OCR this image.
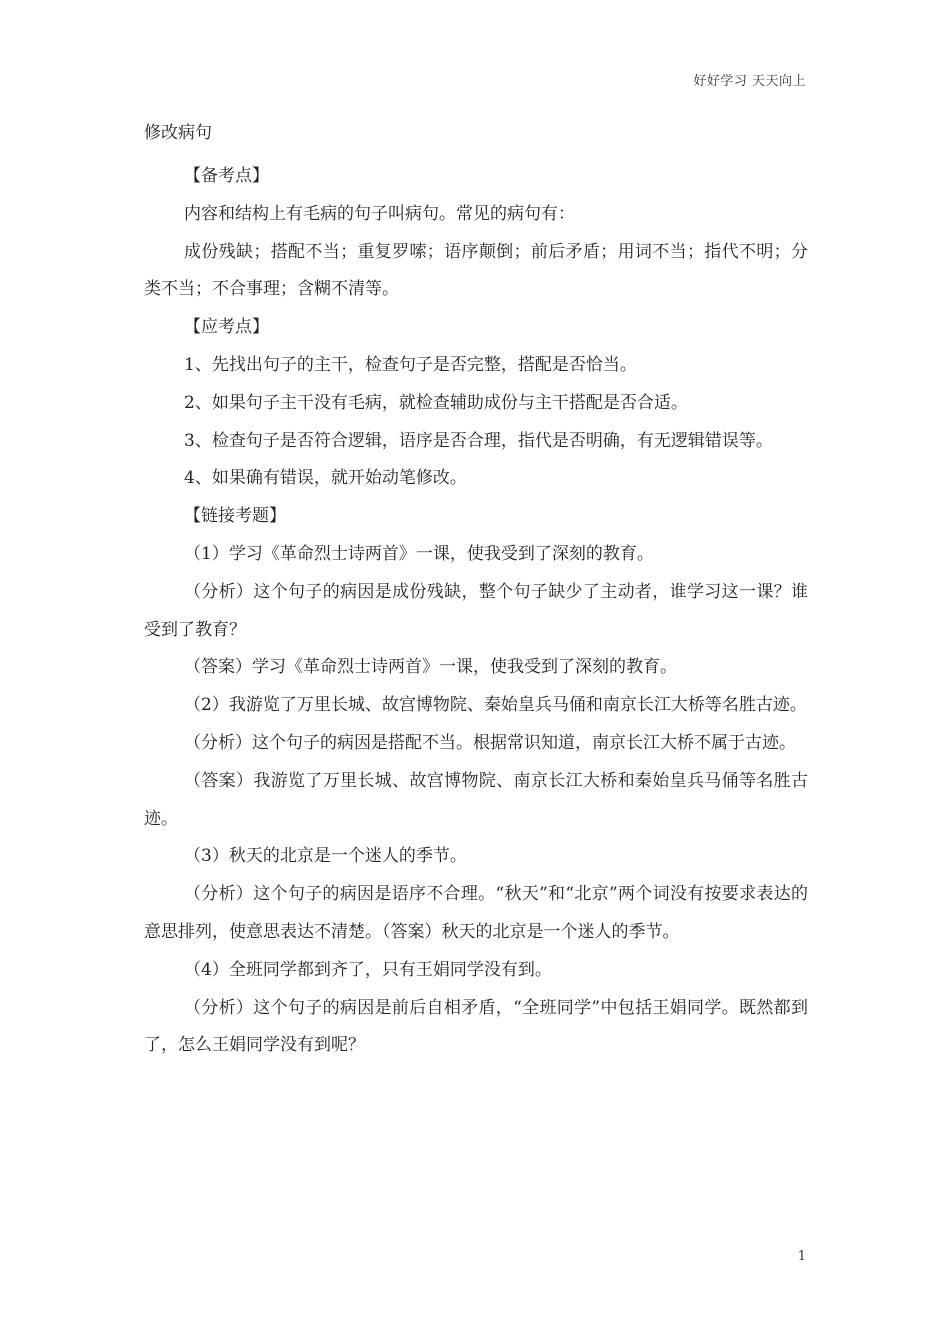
好好学习 天天向上
修改病句

【备考点】

内容和结构上有毛病的句子叫病句。常见的病句有：

成份残缺；搭配不当；重复罗嗦；语序颠倒；前后矛盾；用词不当；指代不明；分类不当；不合事理；含糊不清等。

【应考点】

1、先找出句子的主干，检查句子是否完整，搭配是否恰当。

2、如果句子主干没有毛病，就检查辅助成份与主干搭配是否合适。

3、检查句子是否符合逻辑，语序是否合理，指代是否明确，有无逻辑错误等。

4、如果确有错误，就开始动笔修改。

【链接考题】

（1）学习《革命烈士诗两首》一课，使我受到了深刻的教育。

（分析）这个句子的病因是成份残缺，整个句子缺少了主动者，谁学习这一课？谁受到了教育？

（答案）学习《革命烈士诗两首》一课，使我受到了深刻的教育。

（2）我游览了万里长城、故宫博物院、秦始皇兵马俑和南京长江大桥等名胜古迹。

（分析）这个句子的病因是搭配不当。根据常识知道，南京长江大桥不属于古迹。

（答案）我游览了万里长城、故宫博物院、南京长江大桥和秦始皇兵马俑等名胜古迹。

（3）秋天的北京是一个迷人的季节。

（分析）这个句子的病因是语序不合理。“秋天”和“北京”两个词没有按要求表达的意思排列，使意思表达不清楚。（答案）秋天的北京是一个迷人的季节。

（4）全班同学都到齐了，只有王娟同学没有到。

（分析）这个句子的病因是前后自相矛盾，“全班同学”中包括王娟同学。既然都到了，怎么王娟同学没有到呢？

1
